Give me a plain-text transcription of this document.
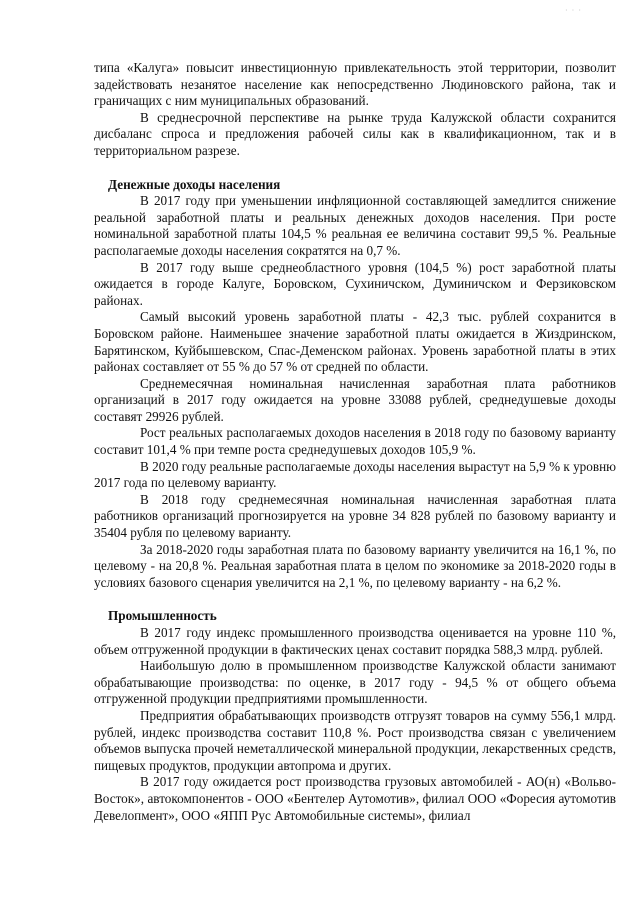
· · ·

типа «Калуга» повысит инвестиционную привлекательность этой территории, позволит задействовать незанятое население как непосредственно Людиновского района, так и граничащих с ним муниципальных образований.

В среднесрочной перспективе на рынке труда Калужской области сохранится дисбаланс спроса и предложения рабочей силы как в квалификационном, так и в территориальном разрезе.

Денежные доходы населения

В 2017 году при уменьшении инфляционной составляющей замедлится снижение реальной заработной платы и реальных денежных доходов населения. При росте номинальной заработной платы 104,5 % реальная ее величина составит 99,5 %. Реальные располагаемые доходы населения сократятся на 0,7 %.

В 2017 году выше среднеобластного уровня (104,5 %) рост заработной платы ожидается в городе Калуге, Боровском, Сухиничском, Думиничском и Ферзиковском районах.

Самый высокий уровень заработной платы - 42,3 тыс. рублей сохранится в Боровском районе. Наименьшее значение заработной платы ожидается в Жиздринском, Барятинском, Куйбышевском, Спас-Деменском районах. Уровень заработной платы в этих районах составляет от 55 % до 57 % от средней по области.

Среднемесячная номинальная начисленная заработная плата работников организаций в 2017 году ожидается на уровне 33088 рублей, среднедушевые доходы составят 29926 рублей.

Рост реальных располагаемых доходов населения в 2018 году по базовому варианту составит 101,4 % при темпе роста среднедушевых доходов 105,9 %.

В 2020 году реальные располагаемые доходы населения вырастут на 5,9 % к уровню 2017 года по целевому варианту.

В 2018 году среднемесячная номинальная начисленная заработная плата работников организаций прогнозируется на уровне 34 828 рублей по базовому варианту и 35404 рубля по целевому варианту.

За 2018-2020 годы заработная плата по базовому варианту увеличится на 16,1 %, по целевому - на 20,8 %. Реальная заработная плата в целом по экономике за 2018-2020 годы в условиях базового сценария увеличится на 2,1 %, по целевому варианту - на 6,2 %.

Промышленность

В 2017 году индекс промышленного производства оценивается на уровне 110 %, объем отгруженной продукции в фактических ценах составит порядка 588,3 млрд. рублей.

Наибольшую долю в промышленном производстве Калужской области занимают обрабатывающие производства: по оценке, в 2017 году - 94,5 % от общего объема отгруженной продукции предприятиями промышленности.

Предприятия обрабатывающих производств отгрузят товаров на сумму 556,1 млрд. рублей, индекс производства составит 110,8 %. Рост производства связан с увеличением объемов выпуска прочей неметаллической минеральной продукции, лекарственных средств, пищевых продуктов, продукции автопрома и других.

В 2017 году ожидается рост производства грузовых автомобилей - АО(н) «Вольво-Восток», автокомпонентов - ООО «Бентелер Аутомотив», филиал ООО «Форесия аутомотив Девелопмент», ООО «ЯПП Рус Автомобильные системы», филиал
